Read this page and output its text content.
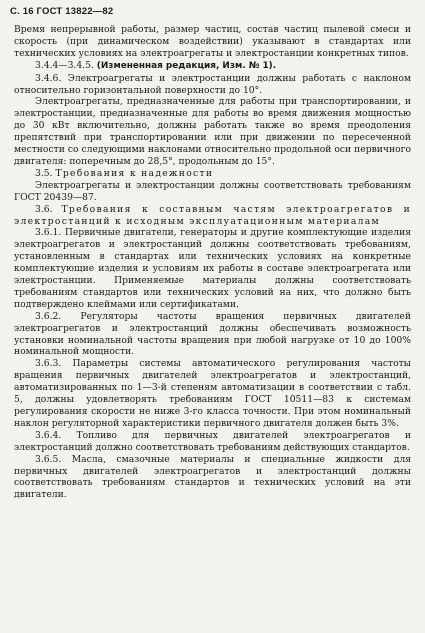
С. 16 ГОСТ 13822—82

Время непрерывной работы, размер частиц, состав частиц пылевой смеси и скорость (при динамическом воздействии) указывают в стандартах или технических условиях на электроагрегаты и электростанции конкретных типов.

3.4.4—3.4.5. (Измененная редакция, Изм. № 1).

3.4.6. Электроагрегаты и электростанции должны работать с наклоном относительно горизонтальной поверхности до 10°.

Электроагрегаты, предназначенные для работы при транспортировании, и электростанции, предназначенные для работы во время движения мощностью до 30 кВт включительно, должны работать также во время преодоления препятствий при транспортировании или при движении по пересеченной местности со следующими наклонами относительно продольной оси первичного двигателя: поперечным до 28,5°, продольным до 15°.

3.5. Требования к надежности

Электроагрегаты и электростанции должны соответствовать требованиям ГОСТ 20439—87.

3.6. Требования к составным частям электроагрегатов и электростанций к исходным эксплуатационным материалам

3.6.1. Первичные двигатели, генераторы и другие комплектующие изделия электроагрегатов и электростанций должны соответствовать требованиям, установленным в стандартах или технических условиях на конкретные комплектующие изделия и условиям их работы в составе электроагрегата или электростанции. Применяемые материалы должны соответствовать требованиям стандартов или технических условий на них, что должно быть подтверждено клеймами или сертификатами.

3.6.2. Регуляторы частоты вращения первичных двигателей электроагрегатов и электростанций должны обеспечивать возможность установки номинальной частоты вращения при любой нагрузке от 10 до 100% номинальной мощности.

3.6.3. Параметры системы автоматического регулирования частоты вращения первичных двигателей электроагрегатов и электростанций, автоматизированных по 1—3-й степеням автоматизации в соответствии с табл. 5, должны удовлетворять требованиям ГОСТ 10511—83 к системам регулирования скорости не ниже 3-го класса точности. При этом номинальный наклон регуляторной характеристики первичного двигателя должен быть 3%.

3.6.4. Топливо для первичных двигателей электроагрегатов и электростанций должно соответствовать требованиям действующих стандартов.

3.6.5. Масла, смазочные материалы и специальные жидкости для первичных двигателей электроагрегатов и электростанций должны соответствовать требованиям стандартов и технических условий на эти двигатели.
